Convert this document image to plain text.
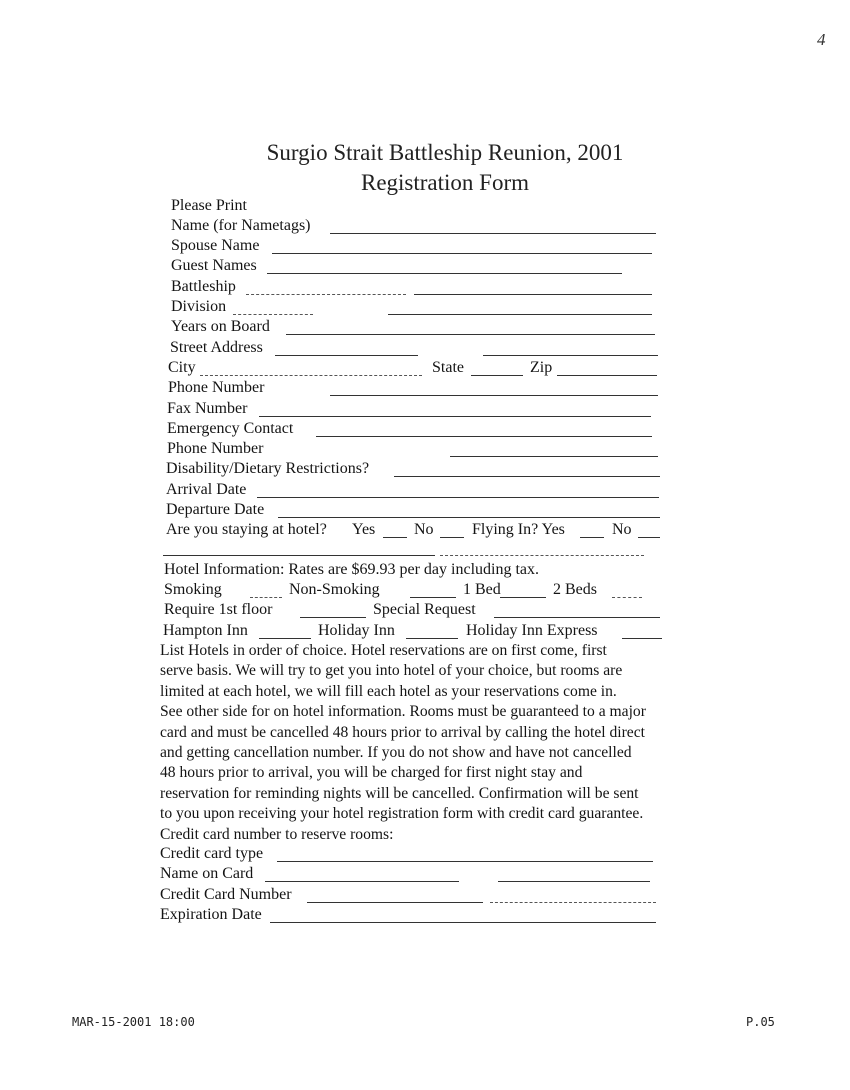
4
Surgio Strait Battleship Reunion, 2001
Registration Form
Please Print
Name (for Nametags)
Spouse Name
Guest Names
Battleship
Division
Years on Board
Street Address
City	State	Zip
Phone Number
Fax Number
Emergency Contact
Phone Number
Disability/Dietary Restrictions?
Arrival Date
Departure Date
Are you staying at hotel? Yes No Flying In? Yes	No
Hotel Information: Rates are $69.93 per day including tax.
Smoking	Non-Smoking	1 Bed	2 Beds
Require 1st floor	Special Request
Hampton Inn	Holiday Inn	Holiday Inn Express
List Hotels in order of choice. Hotel reservations are on first come, first
serve basis. We will try to get you into hotel of your choice, but rooms are
limited at each hotel, we will fill each hotel as your reservations come in.
See other side for on hotel information. Rooms must be guaranteed to a major
card and must be cancelled 48 hours prior to arrival by calling the hotel direct
and getting cancellation number. If you do not show and have not cancelled
48 hours prior to arrival, you will be charged for first night stay and
reservation for reminding nights will be cancelled. Confirmation will be sent
to you upon receiving your hotel registration form with credit card guarantee.
Credit card number to reserve rooms:
Credit card type
Name on Card
Credit Card Number
Expiration Date
MAR-15-2001 18:00	P.05
